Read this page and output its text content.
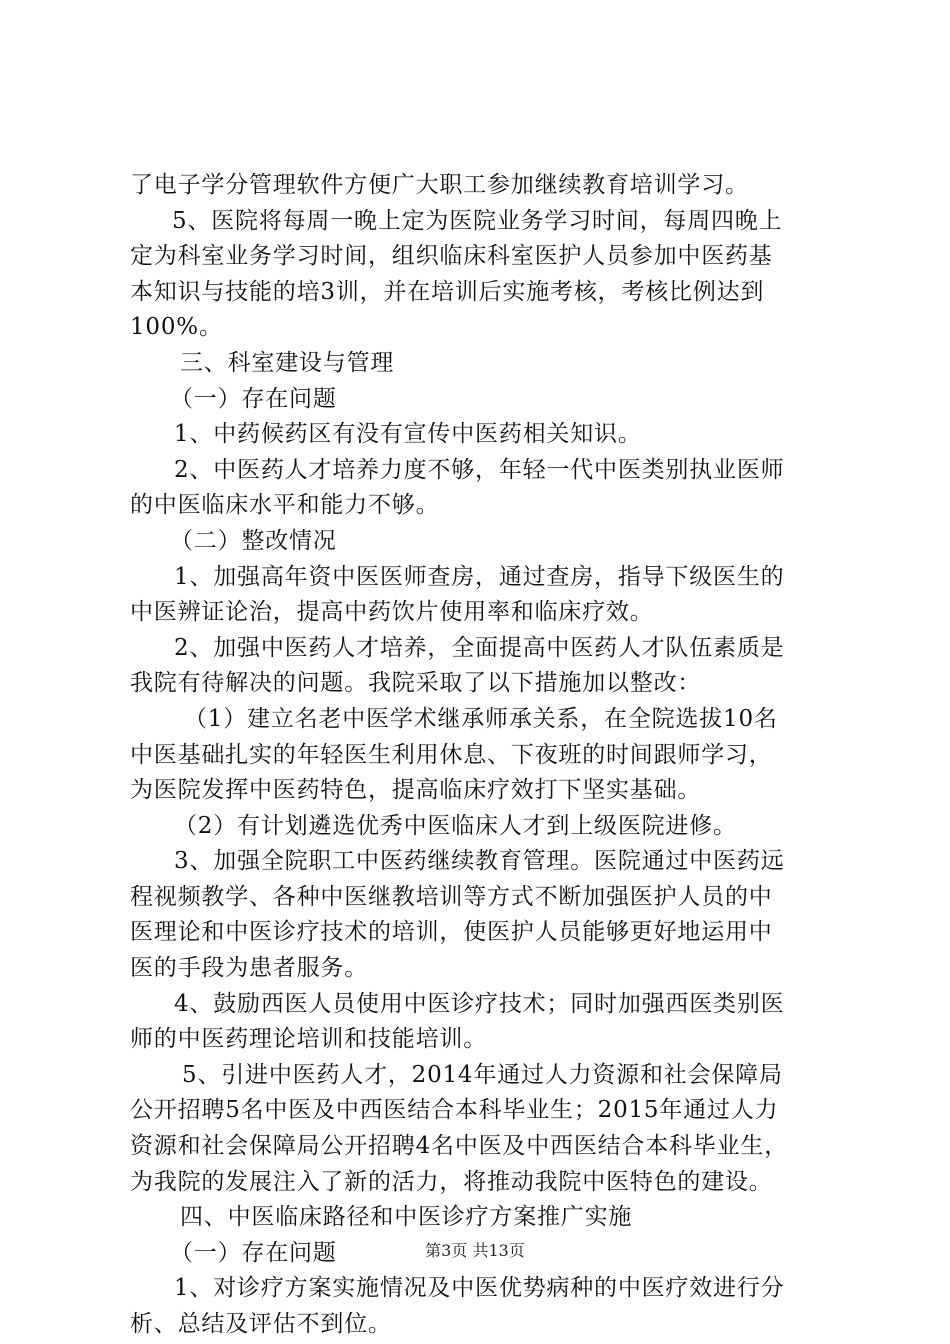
了电子学分管理软件方便广大职工参加继续教育培训学习。
5、医院将每周一晚上定为医院业务学习时间，每周四晚上
定为科室业务学习时间，组织临床科室医护人员参加中医药基
本知识与技能的培3训，并在培训后实施考核，考核比例达到
100%。
三、科室建设与管理
（一）存在问题
1、中药候药区有没有宣传中医药相关知识。
2、中医药人才培养力度不够，年轻一代中医类别执业医师
的中医临床水平和能力不够。
（二）整改情况
1、加强高年资中医医师查房，通过查房，指导下级医生的
中医辨证论治，提高中药饮片使用率和临床疗效。
2、加强中医药人才培养，全面提高中医药人才队伍素质是
我院有待解决的问题。我院采取了以下措施加以整改：
（1）建立名老中医学术继承师承关系，在全院选拔10名
中医基础扎实的年轻医生利用休息、下夜班的时间跟师学习，
为医院发挥中医药特色，提高临床疗效打下坚实基础。
（2）有计划遴选优秀中医临床人才到上级医院进修。
3、加强全院职工中医药继续教育管理。医院通过中医药远
程视频教学、各种中医继教培训等方式不断加强医护人员的中
医理论和中医诊疗技术的培训，使医护人员能够更好地运用中
医的手段为患者服务。
4、鼓励西医人员使用中医诊疗技术；同时加强西医类别医
师的中医药理论培训和技能培训。
5、引进中医药人才，2014年通过人力资源和社会保障局
公开招聘5名中医及中西医结合本科毕业生；2015年通过人力
资源和社会保障局公开招聘4名中医及中西医结合本科毕业生，
为我院的发展注入了新的活力，将推动我院中医特色的建设。
四、中医临床路径和中医诊疗方案推广实施
（一）存在问题
1、对诊疗方案实施情况及中医优势病种的中医疗效进行分
析、总结及评估不到位。
第3页 共13页
